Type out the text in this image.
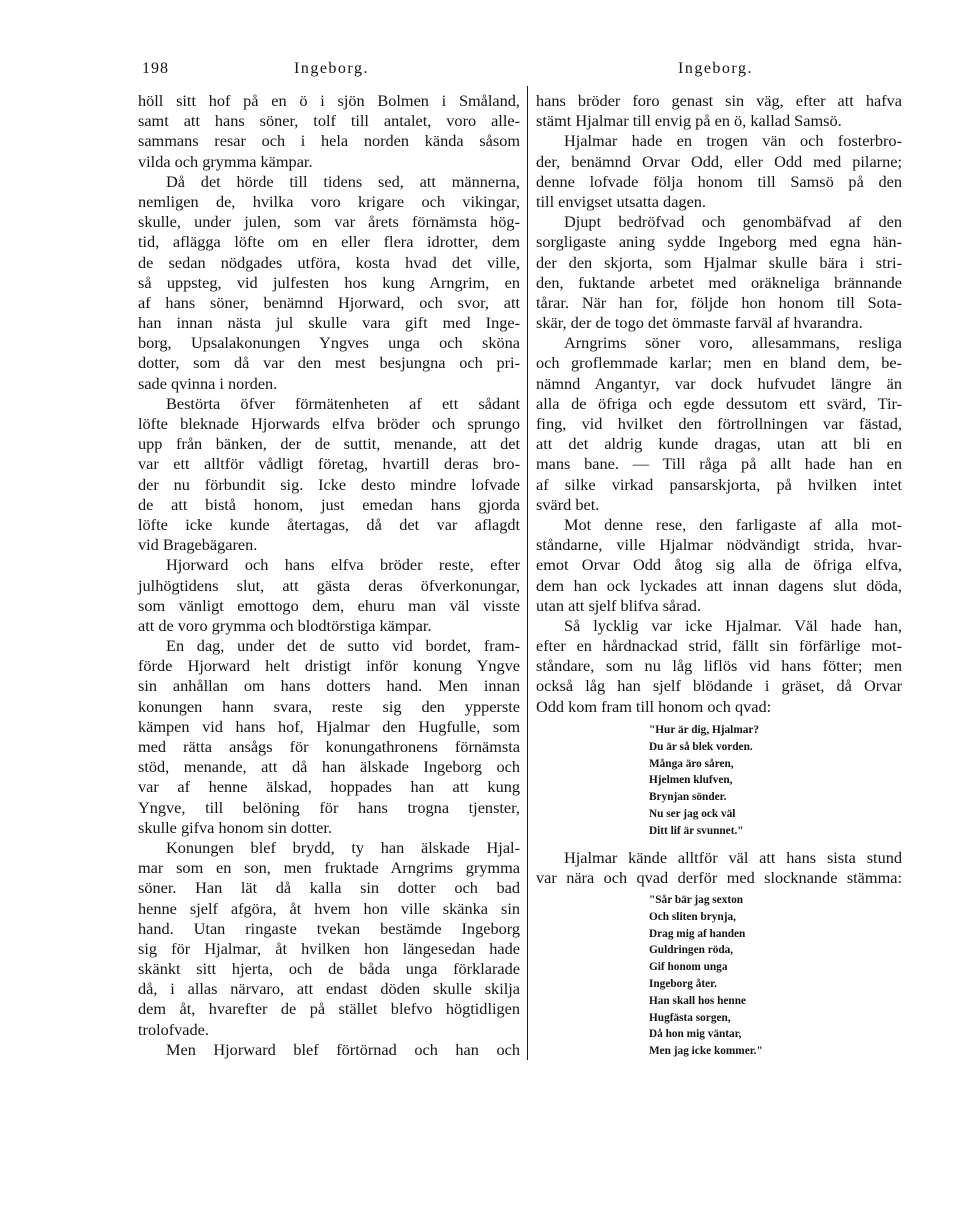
198	Ingeborg.	Ingeborg.
höll sitt hof på en ö i sjön Bolmen i Småland,
samt att hans söner, tolf till antalet, voro alle-
sammans resar och i hela norden kända såsom
vilda och grymma kämpar.
Då det hörde till tidens sed, att männerna,
nemligen de, hvilka voro krigare och vikingar,
skulle, under julen, som var årets förnämsta hög-
tid, aflägga löfte om en eller flera idrotter, dem
de sedan nödgades utföra, kosta hvad det ville,
så uppsteg, vid julfesten hos kung Arngrim, en
af hans söner, benämnd Hjorward, och svor, att
han innan nästa jul skulle vara gift med Inge-
borg, Upsalakonungen Yngves unga och sköna
dotter, som då var den mest besjungna och pri-
sade qvinna i norden.
Bestörta öfver förmätenheten af ett sådant
löfte bleknade Hjorwards elfva bröder och sprungo
upp från bänken, der de suttit, menande, att det
var ett alltför vådligt företag, hvartill deras bro-
der nu förbundit sig. Icke desto mindre lofvade
de att bistå honom, just emedan hans gjorda
löfte icke kunde återtagas, då det var aflagdt
vid Bragebägaren.
Hjorward och hans elfva bröder reste, efter
julhögtidens slut, att gästa deras öfverkonungar,
som vänligt emottogo dem, ehuru man väl visste
att de voro grymma och blodtörstiga kämpar.
En dag, under det de sutto vid bordet, fram-
förde Hjorward helt dristigt inför konung Yngve
sin anhållan om hans dotters hand. Men innan
konungen hann svara, reste sig den ypperste
kämpen vid hans hof, Hjalmar den Hugfulle, som
med rätta ansågs för konungathronens förnämsta
stöd, menande, att då han älskade Ingeborg och
var af henne älskad, hoppades han att kung
Yngve, till belöning för hans trogna tjenster,
skulle gifva honom sin dotter.
Konungen blef brydd, ty han älskade Hjal-
mar som en son, men fruktade Arngrims grymma
söner. Han lät då kalla sin dotter och bad
henne sjelf afgöra, åt hvem hon ville skänka sin
hand. Utan ringaste tvekan bestämde Ingeborg
sig för Hjalmar, åt hvilken hon längesedan hade
skänkt sitt hjerta, och de båda unga förklarade
då, i allas närvaro, att endast döden skulle skilja
dem åt, hvarefter de på stället blefvo högtidligen
trolofvade.
Men Hjorward blef förtörnad och han och
hans bröder foro genast sin väg, efter att hafva
stämt Hjalmar till envig på en ö, kallad Samsö.
Hjalmar hade en trogen vän och fosterbro-
der, benämnd Orvar Odd, eller Odd med pilarne;
denne lofvade följa honom till Samsö på den
till envigset utsatta dagen.
Djupt bedröfvad och genombäfvad af den
sorgligaste aning sydde Ingeborg med egna hän-
der den skjorta, som Hjalmar skulle bära i stri-
den, fuktande arbetet med oräkneliga brännande
tårar. När han for, följde hon honom till Sota-
skär, der de togo det ömmaste farväl af hvarandra.
Arngrims söner voro, allesammans, resliga
och groflemmade karlar; men en bland dem, be-
nämnd Angantyr, var dock hufvudet längre än
alla de öfriga och egde dessutom ett svärd, Tir-
fing, vid hvilket den förtrollningen var fästad,
att det aldrig kunde dragas, utan att bli en
mans bane. — Till råga på allt hade han en
af silke virkad pansarskjorta, på hvilken intet
svärd bet.
Mot denne rese, den farligaste af alla mot-
ståndarne, ville Hjalmar nödvändigt strida, hvar-
emot Orvar Odd åtog sig alla de öfriga elfva,
dem han ock lyckades att innan dagens slut döda,
utan att sjelf blifva sårad.
Så lycklig var icke Hjalmar. Väl hade han,
efter en hårdnackad strid, fällt sin förfärlige mot-
ståndare, som nu låg liflös vid hans fötter; men
också låg han sjelf blödande i gräset, då Orvar
Odd kom fram till honom och qvad:
"Hur är dig, Hjalmar?
Du är så blek vorden.
Många äro såren,
Hjelmen klufven,
Brynjan sönder.
Nu ser jag ock väl
Ditt lif är svunnet."
Hjalmar kände alltför väl att hans sista stund
var nära och qvad derför med slocknande stämma:
"Sår bär jag sexton
Och sliten brynja,
Drag mig af handen
Guldringen röda,
Gif honom unga
Ingeborg åter.
Han skall hos henne
Hugfästa sorgen,
Då hon mig väntar,
Men jag icke kommer."
